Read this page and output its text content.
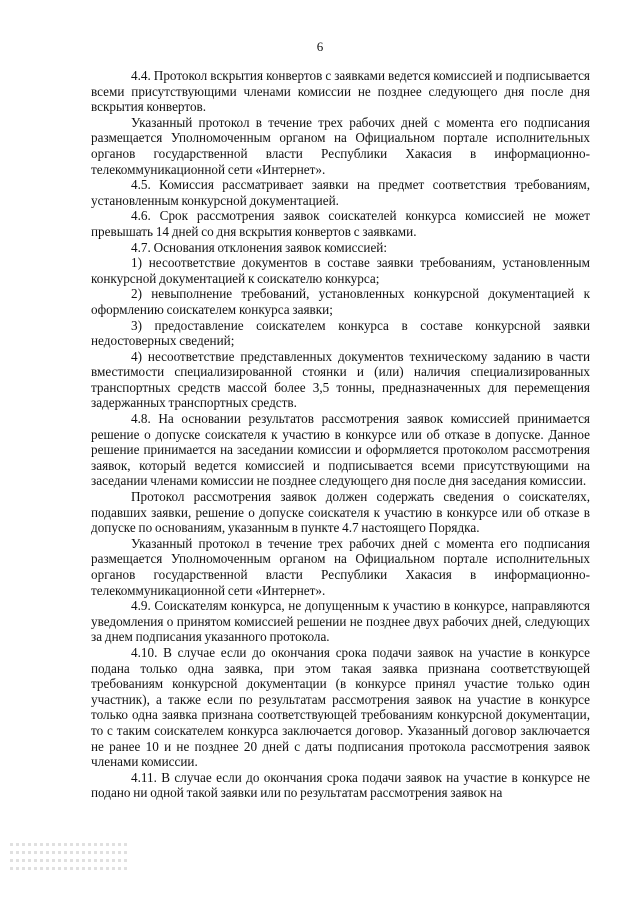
6

4.4. Протокол вскрытия конвертов с заявками ведется комиссией и подписывается всеми присутствующими членами комиссии не позднее следующего дня после дня вскрытия конвертов.

Указанный протокол в течение трех рабочих дней с момента его подписания размещается Уполномоченным органом на Официальном портале исполнительных органов государственной власти Республики Хакасия в информационно-телекоммуникационной сети «Интернет».

4.5. Комиссия рассматривает заявки на предмет соответствия требованиям, установленным конкурсной документацией.

4.6. Срок рассмотрения заявок соискателей конкурса комиссией не может превышать 14 дней со дня вскрытия конвертов с заявками.

4.7. Основания отклонения заявок комиссией:

1) несоответствие документов в составе заявки требованиям, установленным конкурсной документацией к соискателю конкурса;

2) невыполнение требований, установленных конкурсной документацией к оформлению соискателем конкурса заявки;

3) предоставление соискателем конкурса в составе конкурсной заявки недостоверных сведений;

4) несоответствие представленных документов техническому заданию в части вместимости специализированной стоянки и (или) наличия специализированных транспортных средств массой более 3,5 тонны, предназначенных для перемещения задержанных транспортных средств.

4.8. На основании результатов рассмотрения заявок комиссией принимается решение о допуске соискателя к участию в конкурсе или об отказе в допуске. Данное решение принимается на заседании комиссии и оформляется протоколом рассмотрения заявок, который ведется комиссией и подписывается всеми присутствующими на заседании членами комиссии не позднее следующего дня после дня заседания комиссии.

Протокол рассмотрения заявок должен содержать сведения о соискателях, подавших заявки, решение о допуске соискателя к участию в конкурсе или об отказе в допуске по основаниям, указанным в пункте 4.7 настоящего Порядка.

Указанный протокол в течение трех рабочих дней с момента его подписания размещается Уполномоченным органом на Официальном портале исполнительных органов государственной власти Республики Хакасия в информационно-телекоммуникационной сети «Интернет».

4.9. Соискателям конкурса, не допущенным к участию в конкурсе, направляются уведомления о принятом комиссией решении не позднее двух рабочих дней, следующих за днем подписания указанного протокола.

4.10. В случае если до окончания срока подачи заявок на участие в конкурсе подана только одна заявка, при этом такая заявка признана соответствующей требованиям конкурсной документации (в конкурсе принял участие только один участник), а также если по результатам рассмотрения заявок на участие в конкурсе только одна заявка признана соответствующей требованиям конкурсной документации, то с таким соискателем конкурса заключается договор. Указанный договор заключается не ранее 10 и не позднее 20 дней с даты подписания протокола рассмотрения заявок членами комиссии.

4.11. В случае если до окончания срока подачи заявок на участие в конкурсе не подано ни одной такой заявки или по результатам рассмотрения заявок на
